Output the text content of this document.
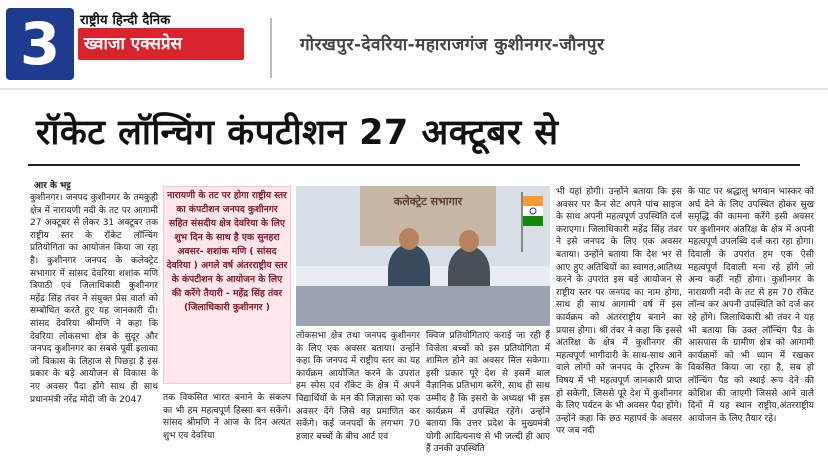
3	राष्ट्रीय हिन्दी दैनिक
ख्वाजा एक्सप्रेस	गोरखपुर-देवरिया-महाराजगंज कुशीनगर-जौनपुर
रॉकेट लॉन्चिंग कंपटीशन 27 अक्टूबर से
आर के भट्ट
कुशीनगर। जनपद कुशीनगर के तमकुही क्षेत्र में नारायणी नदी के तट पर आगामी 27 अक्टूबर से लेकर 31 अक्टूबर तक राष्ट्रीय स्तर के रॉकेट लॉन्चिंग प्रतियोगिता का आयोजन किया जा रहा है। कुशीनगर जनपद के कलेक्ट्रेट सभागार में सांसद देवरिया शशांक मणि त्रिपाठी एवं जिलाधिकारी कुशीनगर महेंद्र सिंह तंवर ने संयुक्त प्रेस वार्ता को सम्बोधित करते हुए यह जानकारी दी। सांसद देवरिया श्रीमणि ने कहा कि देवरिया लोकसभा क्षेत्र के सुदूर और जनपद कुशीनगर का सबसे पूर्वी इलाका जो विकास के लिहाज से पिछड़ा है इस प्रकार के बड़े आयोजन से विकास के नए अवसर पैदा होंगे साथ ही साथ प्रधानमंत्री नरेंद्र मोदी जी के 2047
नारायणी के तट पर होगा राष्ट्रीय स्तर का कंपटीशन जनपद कुशीनगर सहित संसदीय क्षेत्र देवरिया के लिए शुभ दिन के साथ है एक सुनहरा अवसर- शशांक मणि ( सांसद देवरिया ) अगले वर्ष अंतरराष्ट्रीय स्तर के कंपटीशन के आयोजन के लिए की करेंगे तैयारी - महेंद्र सिंह तंवर (जिलाधिकारी कुशीनगर )
तक विकसित भारत बनाने के संकल्प का भी हम महत्वपूर्ण हिस्सा बन सकेंगे। सांसद श्रीमणि ने आज के दिन अत्यंत शुभ एव देवरिया
कलेक्ट्रेट सभागार
लोकसभा क्षेत्र तथा जनपद कुशीनगर के लिए एक अवसर बताया। उन्होंने कहा कि जनपद में राष्ट्रीय स्तर का यह कार्यक्रम आयोजित करने के उपरांत हम स्पेस एवं रॉकेट के क्षेत्र में अपने विद्यार्थियों के मन की जिज्ञासा को एक अवसर देंगे जिसे वह प्रमाणित कर सकेंगे। कई जनपदों के लगभग 70 हजार बच्चों के बीच आर्ट एवं
क्विज प्रतियोगिताएं कराई जा रही हैं विजेता बच्चों को इस प्रतियोगिता में शामिल होने का अवसर मिल सकेगा। इसी प्रकार पूरे देश से इसमें बाल वैज्ञानिक प्रतिभाग करेंगे, साथ ही साथ उम्मीद है कि इसरो के अध्यक्ष भी इस कार्यक्रम में उपस्थित रहेंगे। उन्होंने बताया कि उत्तर प्रदेश के मुख्यमंत्री योगी आदित्यनाथ से भी जल्दी ही आए हैं उनकी उपस्थिति
भी यहां होगी। उन्होंने बताया कि इस अवसर पर कैन सेट अपने पांच साइज के साथ अपनी महत्वपूर्ण उपस्थिति दर्ज कराएगा। जिलाधिकारी महेंद्र सिंह तंवर ने इसे जनपद के लिए एक अवसर बताया। उन्होंने बताया कि देश भर से आए हुए अतिथियों का स्वागत,आतिथ्य करने के उपरांत इस बड़े आयोजन से राष्ट्रीय स्तर पर जनपद का नाम होगा, साथ ही साथ आगामी वर्ष में इस कार्यक्रम को अंतरराष्ट्रीय बनाने का प्रयास होगा। श्री तंवर ने कहा कि इससे अंतरिक्ष के क्षेत्र में कुशीनगर की महत्वपूर्ण भागीदारी के साथ-साथ आने वाले लोगों को जनपद के टूरिज्म के विषय में भी महत्वपूर्ण जानकारी प्राप्त हो सकेगी, जिससे पूरे देश में कुशीनगर के लिए पर्यटन के भी अवसर पैदा होंगे। उन्होंने कहा कि छठ महापर्व के अवसर पर जब नदी
के पाट पर श्रद्धालु भगवान भास्कर को अर्घ देने के लिए उपस्थित होकर सुख समृद्धि की कामना करेंगे इसी अवसर पर कुशीनगर अंतरिक्ष के क्षेत्र में अपनी महत्वपूर्ण उपलब्धि दर्ज करा रहा होगा। दिवाली के उपरांत हम एक ऐसी महत्वपूर्ण दिवाली मना रहे होंगे जो अन्य कहीं नहीं होगा। कुशीनगर के नारायणी नदी के तट से हम 70 रॉकेट लॉन्च कर अपनी उपस्थिति को दर्ज कर रहे होंगे। जिलाधिकारी श्री तंवर ने यह भी बताया कि उक्त लॉन्चिंग पैड के आसपास के ग्रामीण क्षेत्र को आगामी कार्यक्रमों को भी ध्यान में रखकर विकसित किया जा रहा है, सब हो लॉन्चिंग पैड को स्थाई रूप देने की कोशिश की जाएगी जिससे आने वाले दिनों में यह स्थान राष्ट्रीय,अंतरराष्ट्रीय आयोजन के लिए तैयार रहे।
